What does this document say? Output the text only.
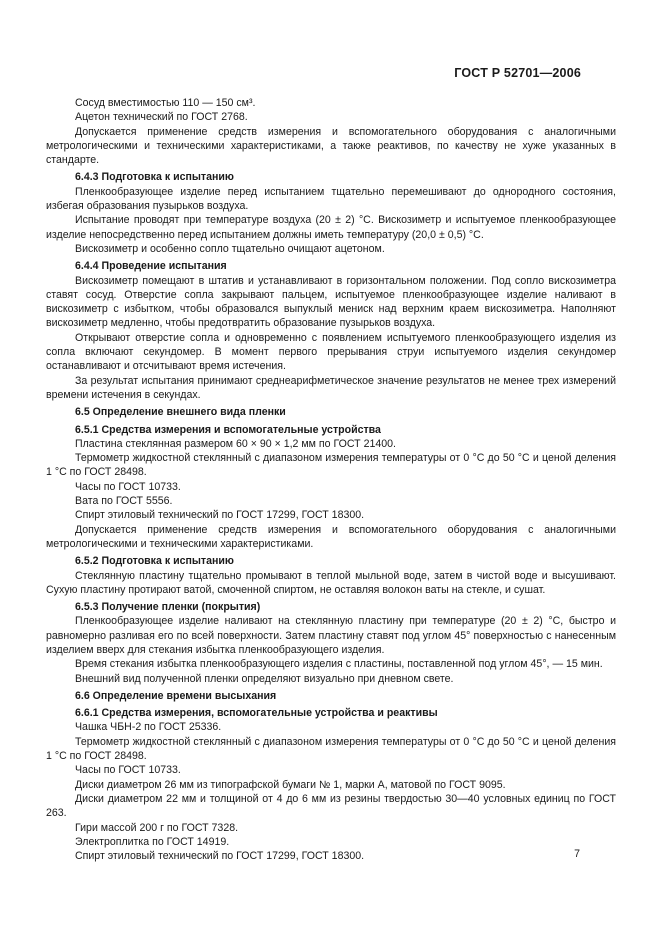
ГОСТ Р 52701—2006

Сосуд вместимостью 110 — 150 см³.

Ацетон технический по ГОСТ 2768.

Допускается применение средств измерения и вспомогательного оборудования с аналогичными метрологическими и техническими характеристиками, а также реактивов, по качеству не хуже указанных в стандарте.

6.4.3 Подготовка к испытанию

Пленкообразующее изделие перед испытанием тщательно перемешивают до однородного состояния, избегая образования пузырьков воздуха.

Испытание проводят при температуре воздуха (20 ± 2) °С. Вискозиметр и испытуемое пленкообразующее изделие непосредственно перед испытанием должны иметь температуру (20,0 ± 0,5) °С.

Вискозиметр и особенно сопло тщательно очищают ацетоном.

6.4.4 Проведение испытания

Вискозиметр помещают в штатив и устанавливают в горизонтальном положении. Под сопло вискозиметра ставят сосуд. Отверстие сопла закрывают пальцем, испытуемое пленкообразующее изделие наливают в вискозиметр с избытком, чтобы образовался выпуклый мениск над верхним краем вискозиметра. Наполняют вискозиметр медленно, чтобы предотвратить образование пузырьков воздуха.

Открывают отверстие сопла и одновременно с появлением испытуемого пленкообразующего изделия из сопла включают секундомер. В момент первого прерывания струи испытуемого изделия секундомер останавливают и отсчитывают время истечения.

За результат испытания принимают среднеарифметическое значение результатов не менее трех измерений времени истечения в секундах.

6.5 Определение внешнего вида пленки

6.5.1 Средства измерения и вспомогательные устройства

Пластина стеклянная размером 60 × 90 × 1,2 мм по ГОСТ 21400.

Термометр жидкостной стеклянный с диапазоном измерения температуры от 0 °С до 50 °С и ценой деления 1 °С по ГОСТ 28498.

Часы по ГОСТ 10733.

Вата по ГОСТ 5556.

Спирт этиловый технический по ГОСТ 17299, ГОСТ 18300.

Допускается применение средств измерения и вспомогательного оборудования с аналогичными метрологическими и техническими характеристиками.

6.5.2 Подготовка к испытанию

Стеклянную пластину тщательно промывают в теплой мыльной воде, затем в чистой воде и высушивают. Сухую пластину протирают ватой, смоченной спиртом, не оставляя волокон ваты на стекле, и сушат.

6.5.3 Получение пленки (покрытия)

Пленкообразующее изделие наливают на стеклянную пластину при температуре (20 ± 2) °С, быстро и равномерно разливая его по всей поверхности. Затем пластину ставят под углом 45° поверхностью с нанесенным изделием вверх для стекания избытка пленкообразующего изделия.

Время стекания избытка пленкообразующего изделия с пластины, поставленной под углом 45°, — 15 мин.

Внешний вид полученной пленки определяют визуально при дневном свете.

6.6 Определение времени высыхания

6.6.1 Средства измерения, вспомогательные устройства и реактивы

Чашка ЧБН-2 по ГОСТ 25336.

Термометр жидкостной стеклянный с диапазоном измерения температуры от 0 °С до 50 °С и ценой деления 1 °С по ГОСТ 28498.

Часы по ГОСТ 10733.

Диски диаметром 26 мм из типографской бумаги № 1, марки А, матовой по ГОСТ 9095.

Диски диаметром 22 мм и толщиной от 4 до 6 мм из резины твердостью 30—40 условных единиц по ГОСТ 263.

Гири массой 200 г по ГОСТ 7328.

Электроплитка по ГОСТ 14919.

Спирт этиловый технический по ГОСТ 17299, ГОСТ 18300.	7
